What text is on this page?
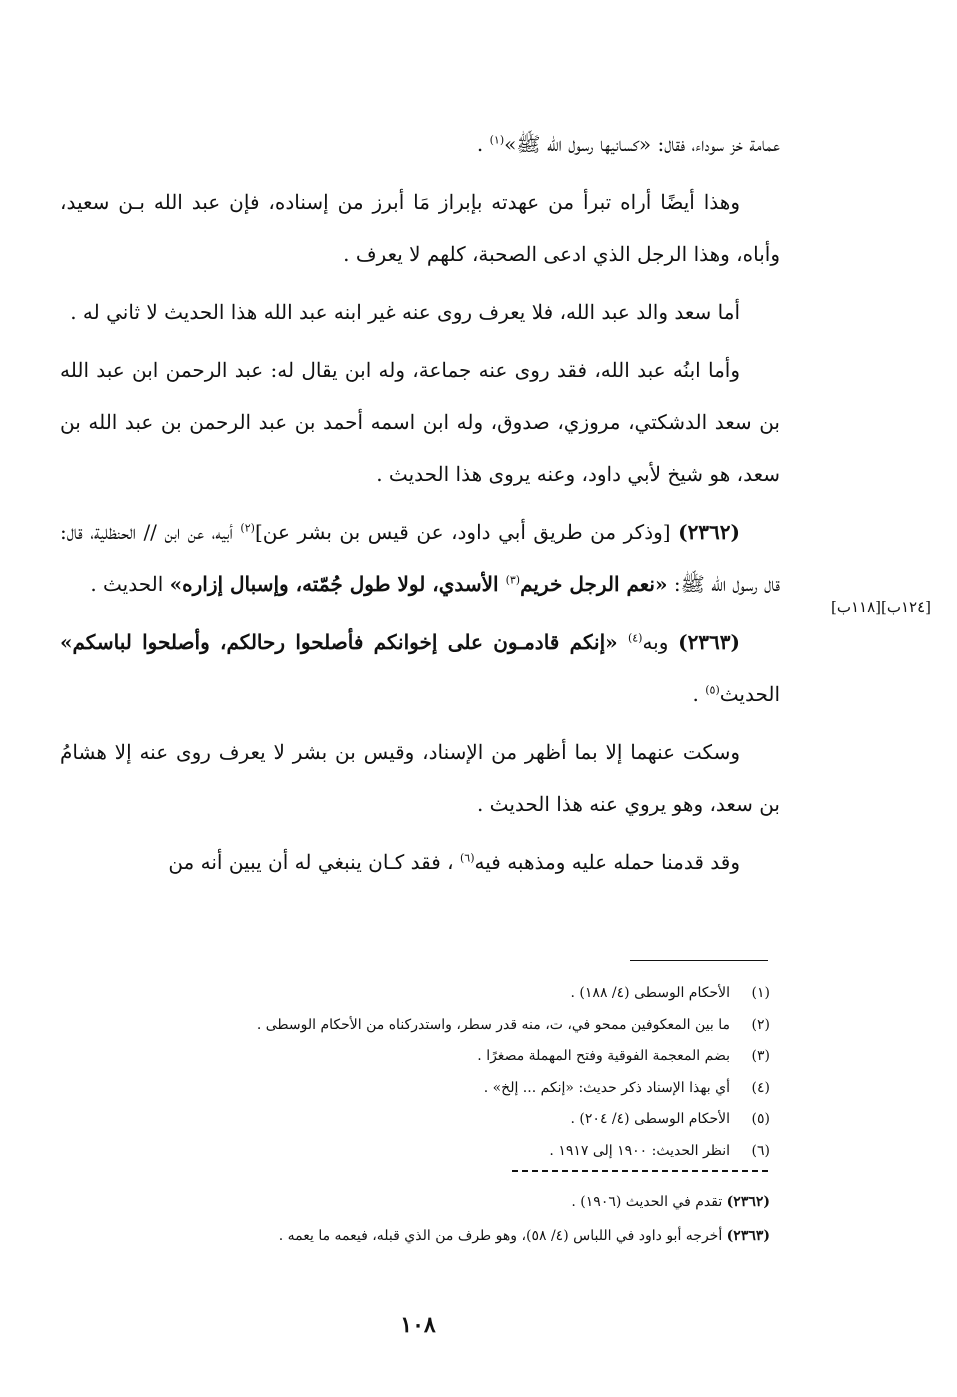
عمامة خز سوداء، فقال: «كسانيها رسول الله ﷺ»$^{(١)}$ .

وهذا أيضًا أراه تبرأ من عهدته بإبراز مَا أبرز من إسناده، فإن عبد الله بـن سعيد، وأباه، وهذا الرجل الذي ادعى الصحبة، كلهم لا يعرف .

أما سعد والد عبد الله، فلا يعرف روى عنه غير ابنه عبد الله هذا الحديث لا ثاني له .

وأما ابنُه عبد الله، فقد روى عنه جماعة، وله ابن يقال له: عبد الرحمن ابن عبد الله بن سعد الدشكتي، مروزي، صدوق، وله ابن اسمه أحمد بن عبد الرحمن بن عبد الله بن سعد، هو شيخ لأبي داود، وعنه يروى هذا الحديث .

(٢٣٦٢) [وذكر من طريق أبي داود، عن قيس بن بشر عن]$^{(٢)}$ أبيه، عن ابن // الحنظلية، قال: قال رسول الله ﷺ: «نعم الرجل خريم$^{(٣)}$ الأسدي، لولا طول جُمّته، وإسبال إزاره» الحديث .

(٢٣٦٣) وبه$^{(٤)}$ «إنكم قادمـون على إخوانكم فأصلحوا رحالكم، وأصلحوا لباسكم» الحديث$^{(٥)}$ .

وسكت عنهما إلا بما أظهر من الإسناد، وقيس بن بشر لا يعرف روى عنه إلا هشامُ بن سعد، وهو يروي عنه هذا الحديث .

وقد قدمنا حمله عليه ومذهبه فيه$^{(٦)}$ ، فقد كـان ينبغي له أن يبين أنه من

[١٢٤ب][١١٨ب]
(١)
الأحكام الوسطى (٤/ ١٨٨) .
(٢)
ما بين المعكوفين ممحو في، ت، منه قدر سطر، واستدركناه من الأحكام الوسطى .
(٣)
بضم المعجمة الفوقية وفتح المهملة مصغرًا .
(٤)
أي بهذا الإسناد ذكر حديث: «إنكم ... إلخ» .
(٥)
الأحكام الوسطى (٤/ ٢٠٤) .
(٦)
انظر الحديث: ١٩٠٠ إلى ١٩١٧ .
(٢٣٦٢) تقدم في الحديث (١٩٠٦) .
(٢٣٦٣) أخرجه أبو داود في اللباس (٤/ ٥٨)، وهو طرف من الذي قبله، فيعمه ما يعمه .
١٠٨
